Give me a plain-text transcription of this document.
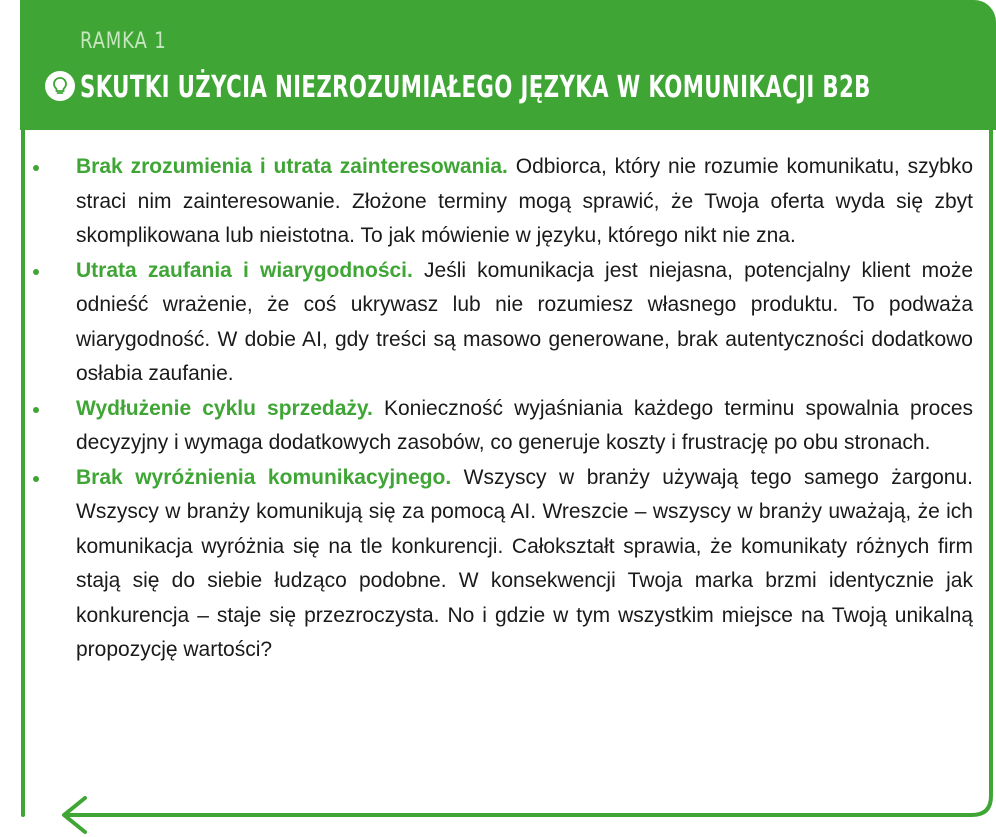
RAMKA 1
SKUTKI UŻYCIA NIEZROZUMIAŁEGO JĘZYKA W KOMUNIKACJI B2B
Brak zrozumienia i utrata zainteresowania. Odbiorca, który nie rozumie komunikatu, szybko straci nim zainteresowanie. Złożone terminy mogą sprawić, że Twoja oferta wyda się zbyt skomplikowana lub nieistotna. To jak mówienie w języku, którego nikt nie zna.
Utrata zaufania i wiarygodności. Jeśli komunikacja jest niejasna, potencjalny klient może odnieść wrażenie, że coś ukrywasz lub nie rozumiesz własnego produktu. To podważa wiarygodność. W dobie AI, gdy treści są masowo generowane, brak autentyczności dodatkowo osłabia zaufanie.
Wydłużenie cyklu sprzedaży. Konieczność wyjaśniania każdego terminu spowalnia proces decyzyjny i wymaga dodatkowych zasobów, co generuje koszty i frustrację po obu stronach.
Brak wyróżnienia komunikacyjnego. Wszyscy w branży używają tego samego żargonu. Wszyscy w branży komunikują się za pomocą AI. Wreszcie – wszyscy w branży uważają, że ich komunikacja wyróżnia się na tle konkurencji. Całokształt sprawia, że komunikaty różnych firm stają się do siebie łudząco podobne. W konsekwencji Twoja marka brzmi identycznie jak konkurencja – staje się przezroczysta. No i gdzie w tym wszystkim miejsce na Twoją unikalną propozycję wartości?
